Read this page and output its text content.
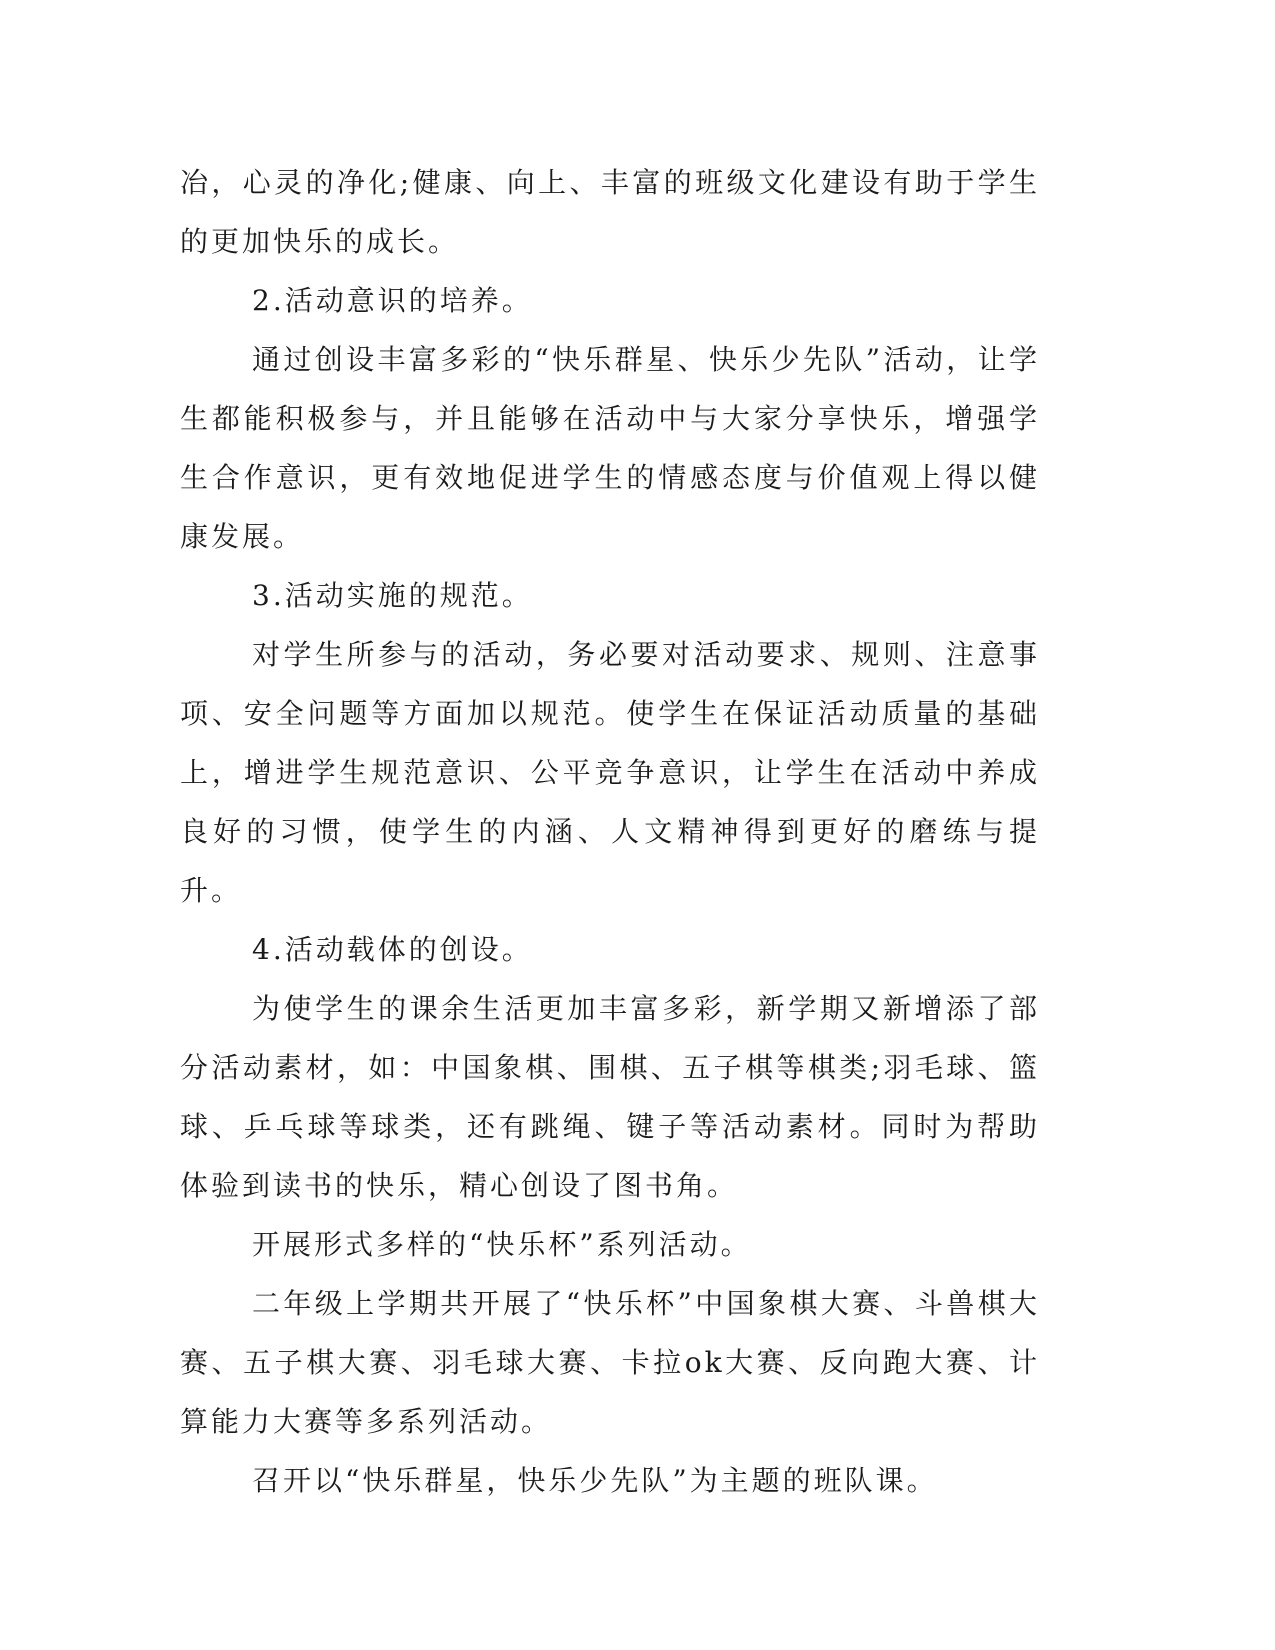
冶，心灵的净化;健康、向上、丰富的班级文化建设有助于学生的更加快乐的成长。

2.活动意识的培养。

通过创设丰富多彩的“快乐群星、快乐少先队”活动，让学生都能积极参与，并且能够在活动中与大家分享快乐，增强学生合作意识，更有效地促进学生的情感态度与价值观上得以健康发展。

3.活动实施的规范。

对学生所参与的活动，务必要对活动要求、规则、注意事项、安全问题等方面加以规范。使学生在保证活动质量的基础上，增进学生规范意识、公平竞争意识，让学生在活动中养成良好的习惯，使学生的内涵、人文精神得到更好的磨练与提升。

4.活动载体的创设。

为使学生的课余生活更加丰富多彩，新学期又新增添了部分活动素材，如：中国象棋、围棋、五子棋等棋类;羽毛球、篮球、乒乓球等球类，还有跳绳、键子等活动素材。同时为帮助体验到读书的快乐，精心创设了图书角。

开展形式多样的“快乐杯”系列活动。

二年级上学期共开展了“快乐杯”中国象棋大赛、斗兽棋大赛、五子棋大赛、羽毛球大赛、卡拉ok大赛、反向跑大赛、计算能力大赛等多系列活动。

召开以“快乐群星，快乐少先队”为主题的班队课。
